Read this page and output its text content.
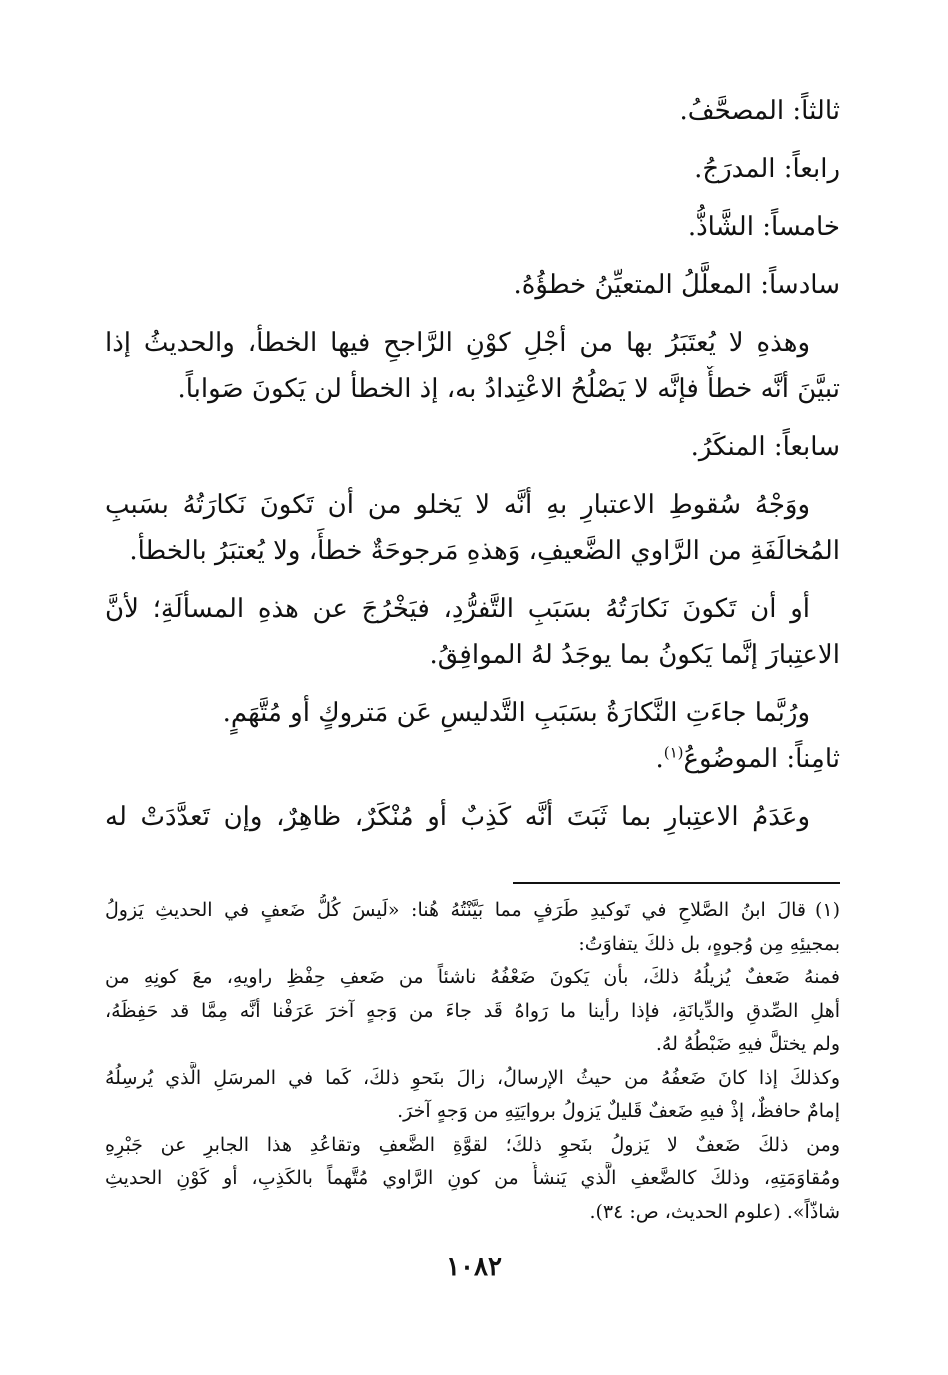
ثالثاً: المصحَّفُ.
رابعاً: المدرَجُ.
خامساً: الشَّاذُّ.
سادساً: المعلَّلُ المتعيِّنُ خطؤُهُ.
وهذهِ لا يُعتَبَرُ بها من أجْلِ كوْنِ الرَّاجحِ فيها الخطأ، والحديثُ إذا
تبيَّنَ أنَّه خطأٌ فإنَّه لا يَصْلُحُ الاعْتِدادُ به، إذ الخطأ لن يَكونَ صَواباً.
سابعاً: المنكَرُ.
ووَجْهُ سُقوطِ الاعتبارِ بهِ أنَّه لا يَخلو من أن تَكونَ نَكارَتُهُ بسَببِ
المُخالَفَةِ من الرَّاوي الضَّعيفِ، وَهذهِ مَرجوحَةٌ خطأً، ولا يُعتبَرُ بالخطأ.
أو أن تَكونَ نَكارَتُهُ بسَبَبِ التَّفرُّدِ، فيَخْرُجَ عن هذهِ المسألَةِ؛ لأنَّ
الاعتِبارَ إنَّما يَكونُ بما يوجَدُ لهُ الموافِقُ.
ورُبَّما جاءَتِ النَّكارَةُ بسَبَبِ التَّدليسِ عَن مَتروكٍ أو مُتَّهَمٍ.
ثامِناً: الموضُوعُ$^{(١)}$.
وعَدَمُ الاعتِبارِ بما ثَبَتَ أنَّه كَذِبٌ أو مُنْكَرٌ، ظاهِرٌ، وإن تَعدَّدَتْ له
(١)قالَ ابنُ الصَّلاحِ في تَوكيدِ طَرَفٍ مما بَيَّنْتُهُ هُنا: «لَيسَ كُلُّ ضَعفٍ في الحديثِ يَزولُ
بمجيئِهِ مِن وُجوهٍ، بل ذلكَ يتفاوَتُ:
فمنهُ ضَعفٌ يُزيلُهُ ذلكَ، بأن يَكونَ ضَعْفُهُ ناشئاً من ضَعفِ حِفْظِ راويهِ، معَ كونِهِ من
أهلِ الصِّدقِ والدِّيانَةِ، فإذا رأينا ما رَواهُ قَد جاءَ من وَجهٍ آخرَ عَرَفْنا أنَّه مِمَّا قد حَفِظَهُ،
ولم يختلَّ فيهِ ضَبْطُهُ لهُ.
وكذلكَ إذا كانَ ضَعفُهُ من حيثُ الإرسالُ، زالَ بنَحوِ ذلكَ، كَما في المرسَلِ الَّذي يُرسِلُهُ
إمامٌ حافظٌ، إذْ فيهِ ضَعفٌ قَليلٌ يَزولُ بروايَتِهِ من وَجهٍ آخرَ.
ومن ذلكَ ضَعفٌ لا يَزولُ بنَحوِ ذلكَ؛ لقوَّةِ الضَّعفِ وتقاعُدِ هذا الجابرِ عن جَبْرِهِ
ومُقاوَمَتِهِ، وذلكَ كالضَّعفِ الَّذي يَنشأُ من كونِ الرَّاوي مُتَّهماً بالكَذِبِ، أو كَوْنِ الحديثِ
شاذّاً». (علوم الحديث، ص: ٣٤).
١٠٨٢
